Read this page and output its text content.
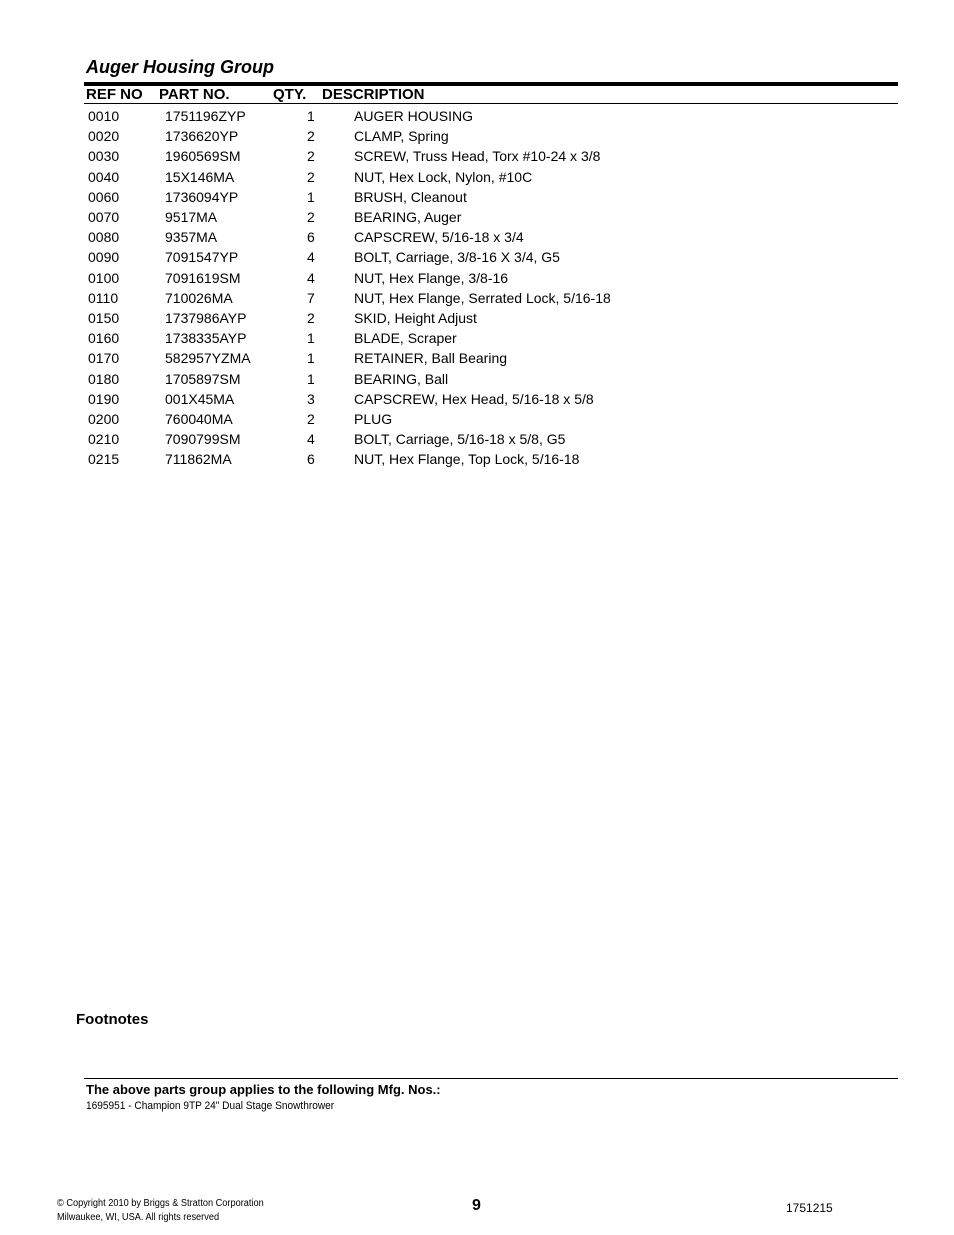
Auger Housing Group
REF NO PART NO.	QTY. DESCRIPTION
0010	1751196ZYP	1	AUGER HOUSING
0020	1736620YP	2	CLAMP, Spring
0030	1960569SM	2	SCREW, Truss Head, Torx #10-24 x 3/8
0040	15X146MA	2	NUT, Hex Lock, Nylon, #10C
0060	1736094YP	1	BRUSH, Cleanout
0070	9517MA	2	BEARING, Auger
0080	9357MA	6	CAPSCREW, 5/16-18 x 3/4
0090	7091547YP	4	BOLT, Carriage, 3/8-16 X 3/4, G5
0100	7091619SM	4	NUT, Hex Flange, 3/8-16
0110	710026MA	7	NUT, Hex Flange, Serrated Lock, 5/16-18
0150	1737986AYP	2	SKID, Height Adjust
0160	1738335AYP	1	BLADE, Scraper
0170	582957YZMA	1	RETAINER, Ball Bearing
0180	1705897SM	1	BEARING, Ball
0190	001X45MA	3	CAPSCREW, Hex Head, 5/16-18 x 5/8
0200	760040MA	2	PLUG
0210	7090799SM	4	BOLT, Carriage, 5/16-18 x 5/8, G5
0215	711862MA	6	NUT, Hex Flange, Top Lock, 5/16-18
Footnotes
The above parts group applies to the following Mfg. Nos.:
1695951 - Champion 9TP 24" Dual Stage Snowthrower
© Copyright 2010 by Briggs & Stratton Corporation
Milwaukee, WI, USA. All rights reserved
9	1751215
